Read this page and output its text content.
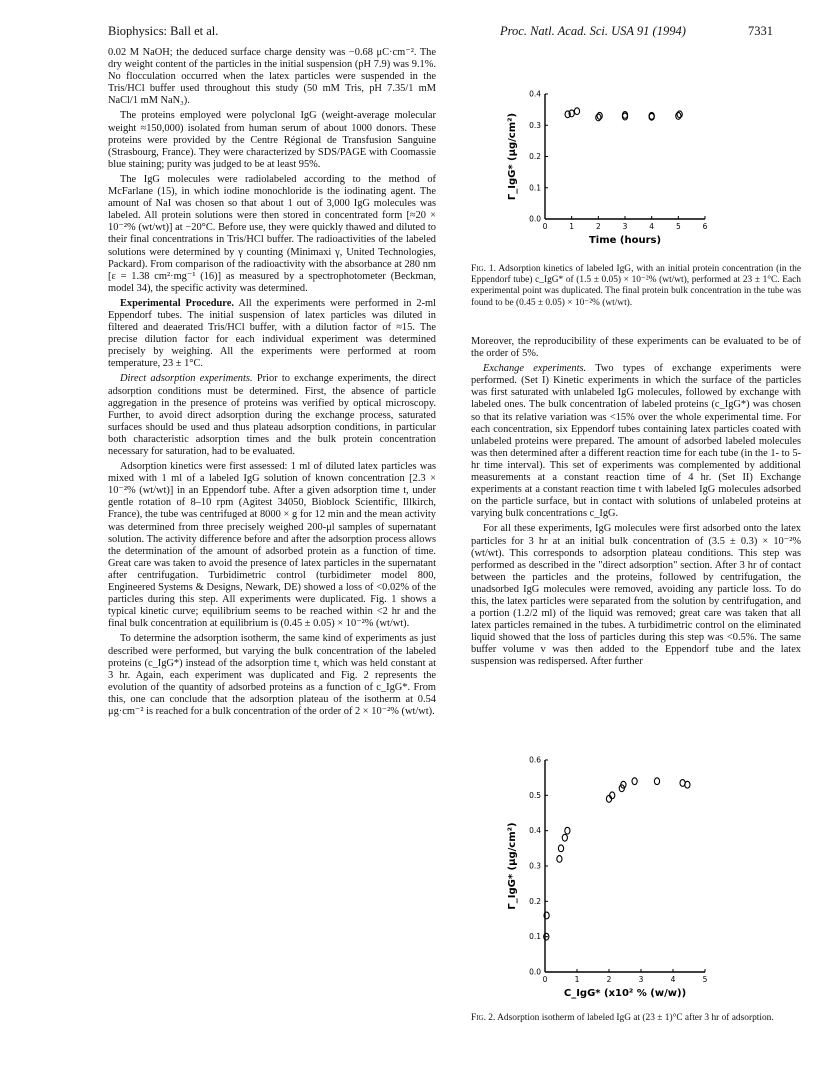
Biophysics: Ball et al.	Proc. Natl. Acad. Sci. USA 91 (1994)	7331

0.02 M NaOH; the deduced surface charge density was −0.68 μC·cm⁻². The dry weight content of the particles in the initial suspension (pH 7.9) was 9.1%. No flocculation occurred when the latex particles were suspended in the Tris/HCl buffer used throughout this study (50 mM Tris, pH 7.35/1 mM NaCl/1 mM NaN₃).

The proteins employed were polyclonal IgG (weight-average molecular weight ≈150,000) isolated from human serum of about 1000 donors. These proteins were provided by the Centre Régional de Transfusion Sanguine (Strasbourg, France). They were characterized by SDS/PAGE with Coomassie blue staining; purity was judged to be at least 95%.

The IgG molecules were radiolabeled according to the method of McFarlane (15), in which iodine monochloride is the iodinating agent. The amount of NaI was chosen so that about 1 out of 3,000 IgG molecules was labeled. All protein solutions were then stored in concentrated form [≈20 × 10⁻²% (wt/wt)] at −20°C. Before use, they were quickly thawed and diluted to their final concentrations in Tris/HCl buffer. The radioactivities of the labeled solutions were determined by γ counting (Minimaxi γ, United Technologies, Packard). From comparison of the radioactivity with the absorbance at 280 nm [ε = 1.38 cm²·mg⁻¹ (16)] as measured by a spectrophotometer (Beckman, model 34), the specific activity was determined.

Experimental Procedure. All the experiments were performed in 2-ml Eppendorf tubes. The initial suspension of latex particles was diluted in filtered and deaerated Tris/HCl buffer, with a dilution factor of ≈15. The precise dilution factor for each individual experiment was determined precisely by weighing. All the experiments were performed at room temperature, 23 ± 1°C.

Direct adsorption experiments. Prior to exchange experiments, the direct adsorption conditions must be determined. First, the absence of particle aggregation in the presence of proteins was verified by optical microscopy. Further, to avoid direct adsorption during the exchange process, saturated surfaces should be used and thus plateau adsorption conditions, in particular both characteristic adsorption times and the bulk protein concentration necessary for saturation, had to be evaluated.

Adsorption kinetics were first assessed: 1 ml of diluted latex particles was mixed with 1 ml of a labeled IgG solution of known concentration [2.3 × 10⁻²% (wt/wt)] in an Eppendorf tube. After a given adsorption time t, under gentle rotation of 8–10 rpm (Agitest 34050, Bioblock Scientific, Illkirch, France), the tube was centrifuged at 8000 × g for 12 min and the mean activity was determined from three precisely weighed 200-μl samples of supernatant solution. The activity difference before and after the adsorption process allows the determination of the amount of adsorbed protein as a function of time. Great care was taken to avoid the presence of latex particles in the supernatant after centrifugation. Turbidimetric control (turbidimeter model 800, Engineered Systems & Designs, Newark, DE) showed a loss of <0.02% of the particles during this step. All experiments were duplicated. Fig. 1 shows a typical kinetic curve; equilibrium seems to be reached within <2 hr and the final bulk concentration at equilibrium is (0.45 ± 0.05) × 10⁻²% (wt/wt).

To determine the adsorption isotherm, the same kind of experiments as just described were performed, but varying the bulk concentration of the labeled proteins (c_IgG*) instead of the adsorption time t, which was held constant at 3 hr. Again, each experiment was duplicated and Fig. 2 represents the evolution of the quantity of adsorbed proteins as a function of c_IgG*. From this, one can conclude that the adsorption plateau of the isotherm at 0.54 μg·cm⁻² is reached for a bulk concentration of the order of 2 × 10⁻²% (wt/wt).

Moreover, the reproducibility of these experiments can be evaluated to be of the order of 5%.

Exchange experiments. Two types of exchange experiments were performed. (Set I) Kinetic experiments in which the surface of the particles was first saturated with unlabeled IgG molecules, followed by exchange with labeled ones. The bulk concentration of labeled proteins (c_IgG*) was chosen so that its relative variation was <15% over the whole experimental time. For each concentration, six Eppendorf tubes containing latex particles coated with unlabeled proteins were prepared. The amount of adsorbed labeled molecules was then determined after a different reaction time for each tube (in the 1- to 5-hr time interval). This set of experiments was complemented by additional measurements at a constant reaction time of 4 hr. (Set II) Exchange experiments at a constant reaction time t with labeled IgG molecules adsorbed on the particle surface, but in contact with solutions of unlabeled proteins at varying bulk concentrations c_IgG.

For all these experiments, IgG molecules were first adsorbed onto the latex particles for 3 hr at an initial bulk concentration of (3.5 ± 0.3) × 10⁻²% (wt/wt). This corresponds to adsorption plateau conditions. This step was performed as described in the "direct adsorption" section. After 3 hr of contact between the particles and the proteins, followed by centrifugation, the unadsorbed IgG molecules were removed, avoiding any particle loss. To do this, the latex particles were separated from the solution by centrifugation, and a portion (1.2/2 ml) of the liquid was removed; great care was taken that all latex particles remained in the tubes. A turbidimetric control on the eliminated liquid showed that the loss of particles during this step was <0.5%. The same buffer volume v was then added to the Eppendorf tube and the latex suspension was redispersed. After further

0	1	2	3	4	5	6
0.0
0.1
0.2
0.3
0.4
Time (hours)
Γ_IgG* (μg/cm²)
Fig. 1. Adsorption kinetics of labeled IgG, with an initial protein concentration (in the Eppendorf tube) c_IgG* of (1.5 ± 0.05) × 10⁻²% (wt/wt), performed at 23 ± 1°C. Each experimental point was duplicated. The final protein bulk concentration in the tube was found to be (0.45 ± 0.05) × 10⁻²% (wt/wt).
0	1	2	3	4	5
0.0
0.1
0.2
0.3
0.4
0.5
0.6
C_IgG* (x10² % (w/w))
Γ_IgG* (μg/cm²)
Fig. 2. Adsorption isotherm of labeled IgG at (23 ± 1)°C after 3 hr of adsorption.
